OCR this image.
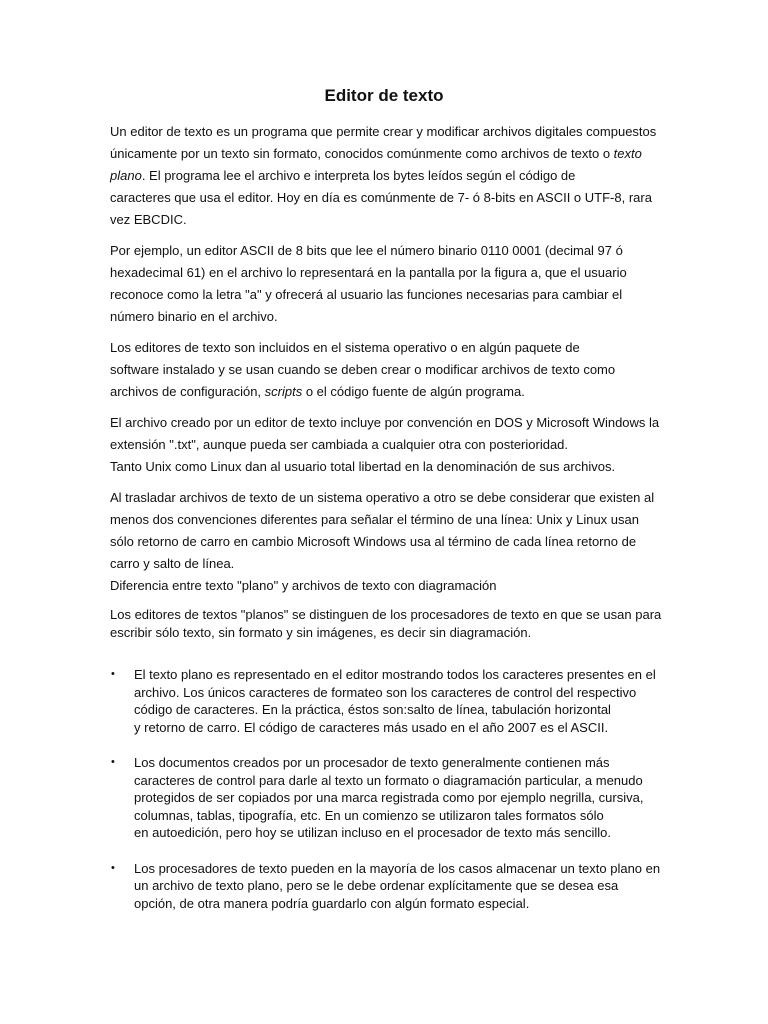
Editor de texto

Un editor de texto es un programa que permite crear y modificar archivos digitales compuestos
únicamente por un texto sin formato, conocidos comúnmente como archivos de texto o texto
plano. El programa lee el archivo e interpreta los bytes leídos según el código de
caracteres que usa el editor. Hoy en día es comúnmente de 7- ó 8-bits en ASCII o UTF-8, rara
vez EBCDIC.

Por ejemplo, un editor ASCII de 8 bits que lee el número binario 0110 0001 (decimal 97 ó
hexadecimal 61) en el archivo lo representará en la pantalla por la figura a, que el usuario
reconoce como la letra "a" y ofrecerá al usuario las funciones necesarias para cambiar el
número binario en el archivo.

Los editores de texto son incluidos en el sistema operativo o en algún paquete de
software instalado y se usan cuando se deben crear o modificar archivos de texto como
archivos de configuración, scripts o el código fuente de algún programa.

El archivo creado por un editor de texto incluye por convención en DOS y Microsoft Windows la
extensión ".txt", aunque pueda ser cambiada a cualquier otra con posterioridad.
Tanto Unix como Linux dan al usuario total libertad en la denominación de sus archivos.

Al trasladar archivos de texto de un sistema operativo a otro se debe considerar que existen al
menos dos convenciones diferentes para señalar el término de una línea: Unix y Linux usan
sólo retorno de carro en cambio Microsoft Windows usa al término de cada línea retorno de
carro y salto de línea.
Diferencia entre texto "plano" y archivos de texto con diagramación

Los editores de textos "planos" se distinguen de los procesadores de texto en que se usan para
escribir sólo texto, sin formato y sin imágenes, es decir sin diagramación.

• El texto plano es representado en el editor mostrando todos los caracteres presentes en el
archivo. Los únicos caracteres de formateo son los caracteres de control del respectivo
código de caracteres. En la práctica, éstos son:salto de línea, tabulación horizontal
y retorno de carro. El código de caracteres más usado en el año 2007 es el ASCII.
• Los documentos creados por un procesador de texto generalmente contienen más
caracteres de control para darle al texto un formato o diagramación particular, a menudo
protegidos de ser copiados por una marca registrada como por ejemplo negrilla, cursiva,
columnas, tablas, tipografía, etc. En un comienzo se utilizaron tales formatos sólo
en autoedición, pero hoy se utilizan incluso en el procesador de texto más sencillo.
• Los procesadores de texto pueden en la mayoría de los casos almacenar un texto plano en
un archivo de texto plano, pero se le debe ordenar explícitamente que se desea esa
opción, de otra manera podría guardarlo con algún formato especial.
